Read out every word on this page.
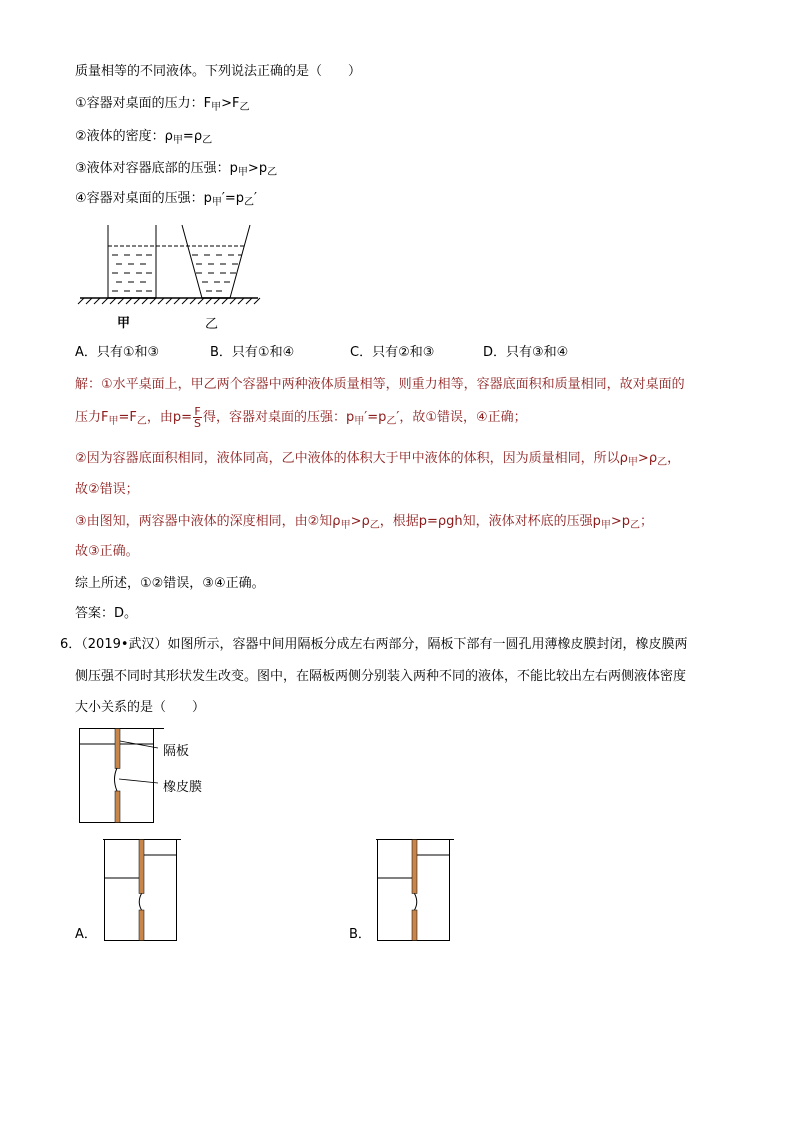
质量相等的不同液体。下列说法正确的是（　　）
①容器对桌面的压力：$F_甲>F_乙$
②液体的密度：$\rho_甲=\rho_乙$
③液体对容器底部的压强：$p_甲>p_乙$
④容器对桌面的压强：$p_甲'=p_乙'$
甲	乙
A．只有①和③	B．只有①和④	C．只有②和③	D．只有③和④
解：①水平桌面上，甲乙两个容器中两种液体质量相等，则重力相等，容器底面积和质量相同，故对桌面的
压力$F_甲=F_乙$，由$p= \frac{F}{S}$ 得，容器对桌面的压强：$p_甲'=p_乙'$，故①错误，④正确；
②因为容器底面积相同，液体同高，乙中液体的体积大于甲中液体的体积，因为质量相同，所以$\rho_甲>\rho_乙$，
故②错误；
③由图知，两容器中液体的深度相同，由②知$\rho_甲>\rho_乙$，根据p=ρgh知，液体对杯底的压强$p_甲>p_乙$；
故③正确。
综上所述，①②错误，③④正确。
答案：D。
6．（2019•武汉）如图所示，容器中间用隔板分成左右两部分，隔板下部有一圆孔用薄橡皮膜封闭，橡皮膜两
侧压强不同时其形状发生改变。图中，在隔板两侧分别装入两种不同的液体，不能比较出左右两侧液体密度
大小关系的是（　　）
隔板
橡皮膜
A．	B．
